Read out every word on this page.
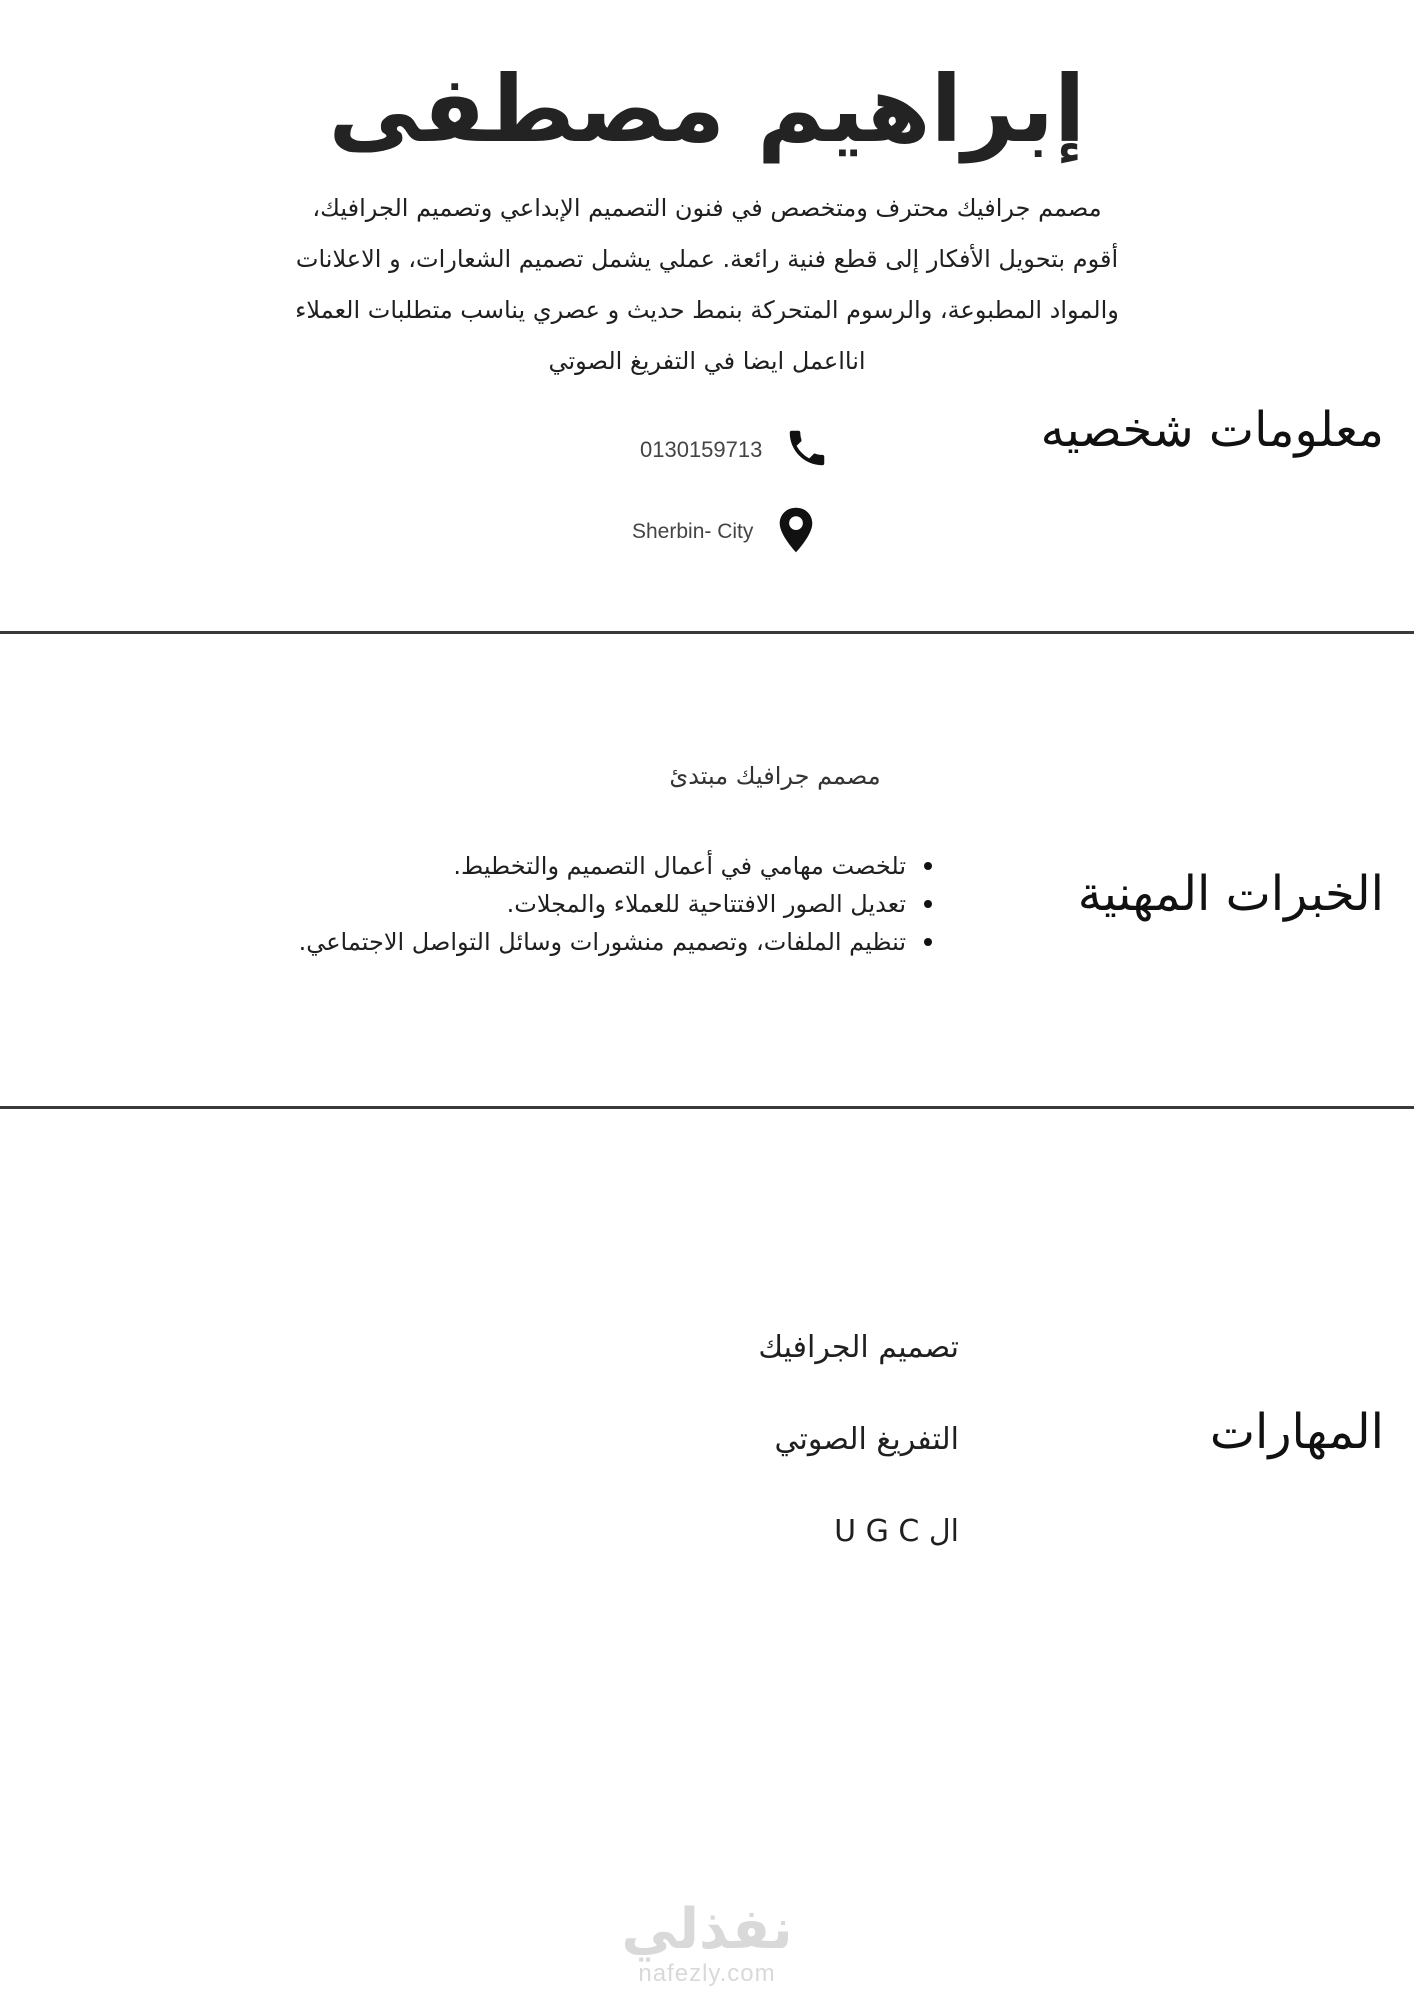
إبراهيم مصطفى
مصمم جرافيك محترف ومتخصص في فنون التصميم الإبداعي وتصميم الجرافيك،
أقوم بتحويل الأفكار إلى قطع فنية رائعة. عملي يشمل تصميم الشعارات، و الاعلانات
والمواد المطبوعة، والرسوم المتحركة بنمط حديث و عصري يناسب متطلبات العملاء
انااعمل ايضا في التفريغ الصوتي
معلومات شخصيه
0130159713
Sherbin- City
مصمم جرافيك مبتدئ
الخبرات المهنية
تلخصت مهامي في أعمال التصميم والتخطيط.
تعديل الصور الافتتاحية للعملاء والمجلات.
تنظيم الملفات، وتصميم منشورات وسائل التواصل الاجتماعي.
المهارات
تصميم الجرافيك
التفريغ الصوتي
ال U G C
نفذلي
nafezly.com
